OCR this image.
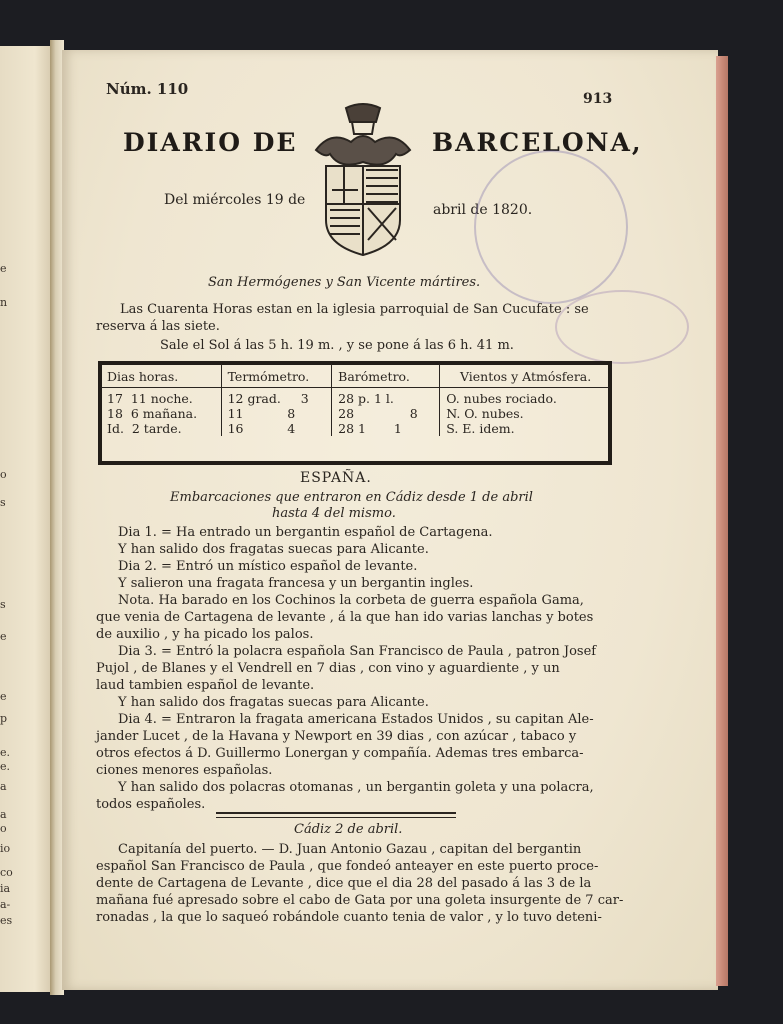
e
n
o
s
s
e
e
p
e.
e.
a
a
o
io
co
ia
a-
es
Núm. 110
913
DIARIO DE	BARCELONA,
Del miércoles 19 de
abril de 1820.
San Hermógenes y San Vicente mártires.
Las Cuarenta Horas estan en la iglesia parroquial de San Cucufate : se
reserva á las siete.
Sale el Sol á las 5 h. 19 m. , y se pone á las 6 h. 41 m.
Dias horas.	Termómetro.	Barómetro.	Vientos y Atmósfera.
17 11 noche.	12 grad. 3	28 p. 1 l.	O. nubes rociado.
18 6 mañana.	11 8	28 8	N. O. nubes.
Id. 2 tarde.	16 4	28 1 1	S. E. idem.
ESPAÑA.
Embarcaciones que entraron en Cádiz desde 1 de abril
hasta 4 del mismo.
Dia 1. = Ha entrado un bergantin español de Cartagena.
Y han salido dos fragatas suecas para Alicante.
Dia 2. = Entró un místico español de levante.
Y salieron una fragata francesa y un bergantin ingles.
Nota. Ha barado en los Cochinos la corbeta de guerra española Gama,
que venia de Cartagena de levante , á la que han ido varias lanchas y botes
de auxilio , y ha picado los palos.
Dia 3. = Entró la polacra española San Francisco de Paula , patron Josef
Pujol , de Blanes y el Vendrell en 7 dias , con vino y aguardiente , y un
laud tambien español de levante.
Y han salido dos fragatas suecas para Alicante.
Dia 4. = Entraron la fragata americana Estados Unidos , su capitan Ale-
jander Lucet , de la Havana y Newport en 39 dias , con azúcar , tabaco y
otros efectos á D. Guillermo Lonergan y compañía. Ademas tres embarca-
ciones menores españolas.
Y han salido dos polacras otomanas , un bergantin goleta y una polacra,
todos españoles.
Cádiz 2 de abril.
Capitanía del puerto. — D. Juan Antonio Gazau , capitan del bergantin
español San Francisco de Paula , que fondeó anteayer en este puerto proce-
dente de Cartagena de Levante , dice que el dia 28 del pasado á las 3 de la
mañana fué apresado sobre el cabo de Gata por una goleta insurgente de 7 car-
ronadas , la que lo saqueó robándole cuanto tenia de valor , y lo tuvo deteni-
